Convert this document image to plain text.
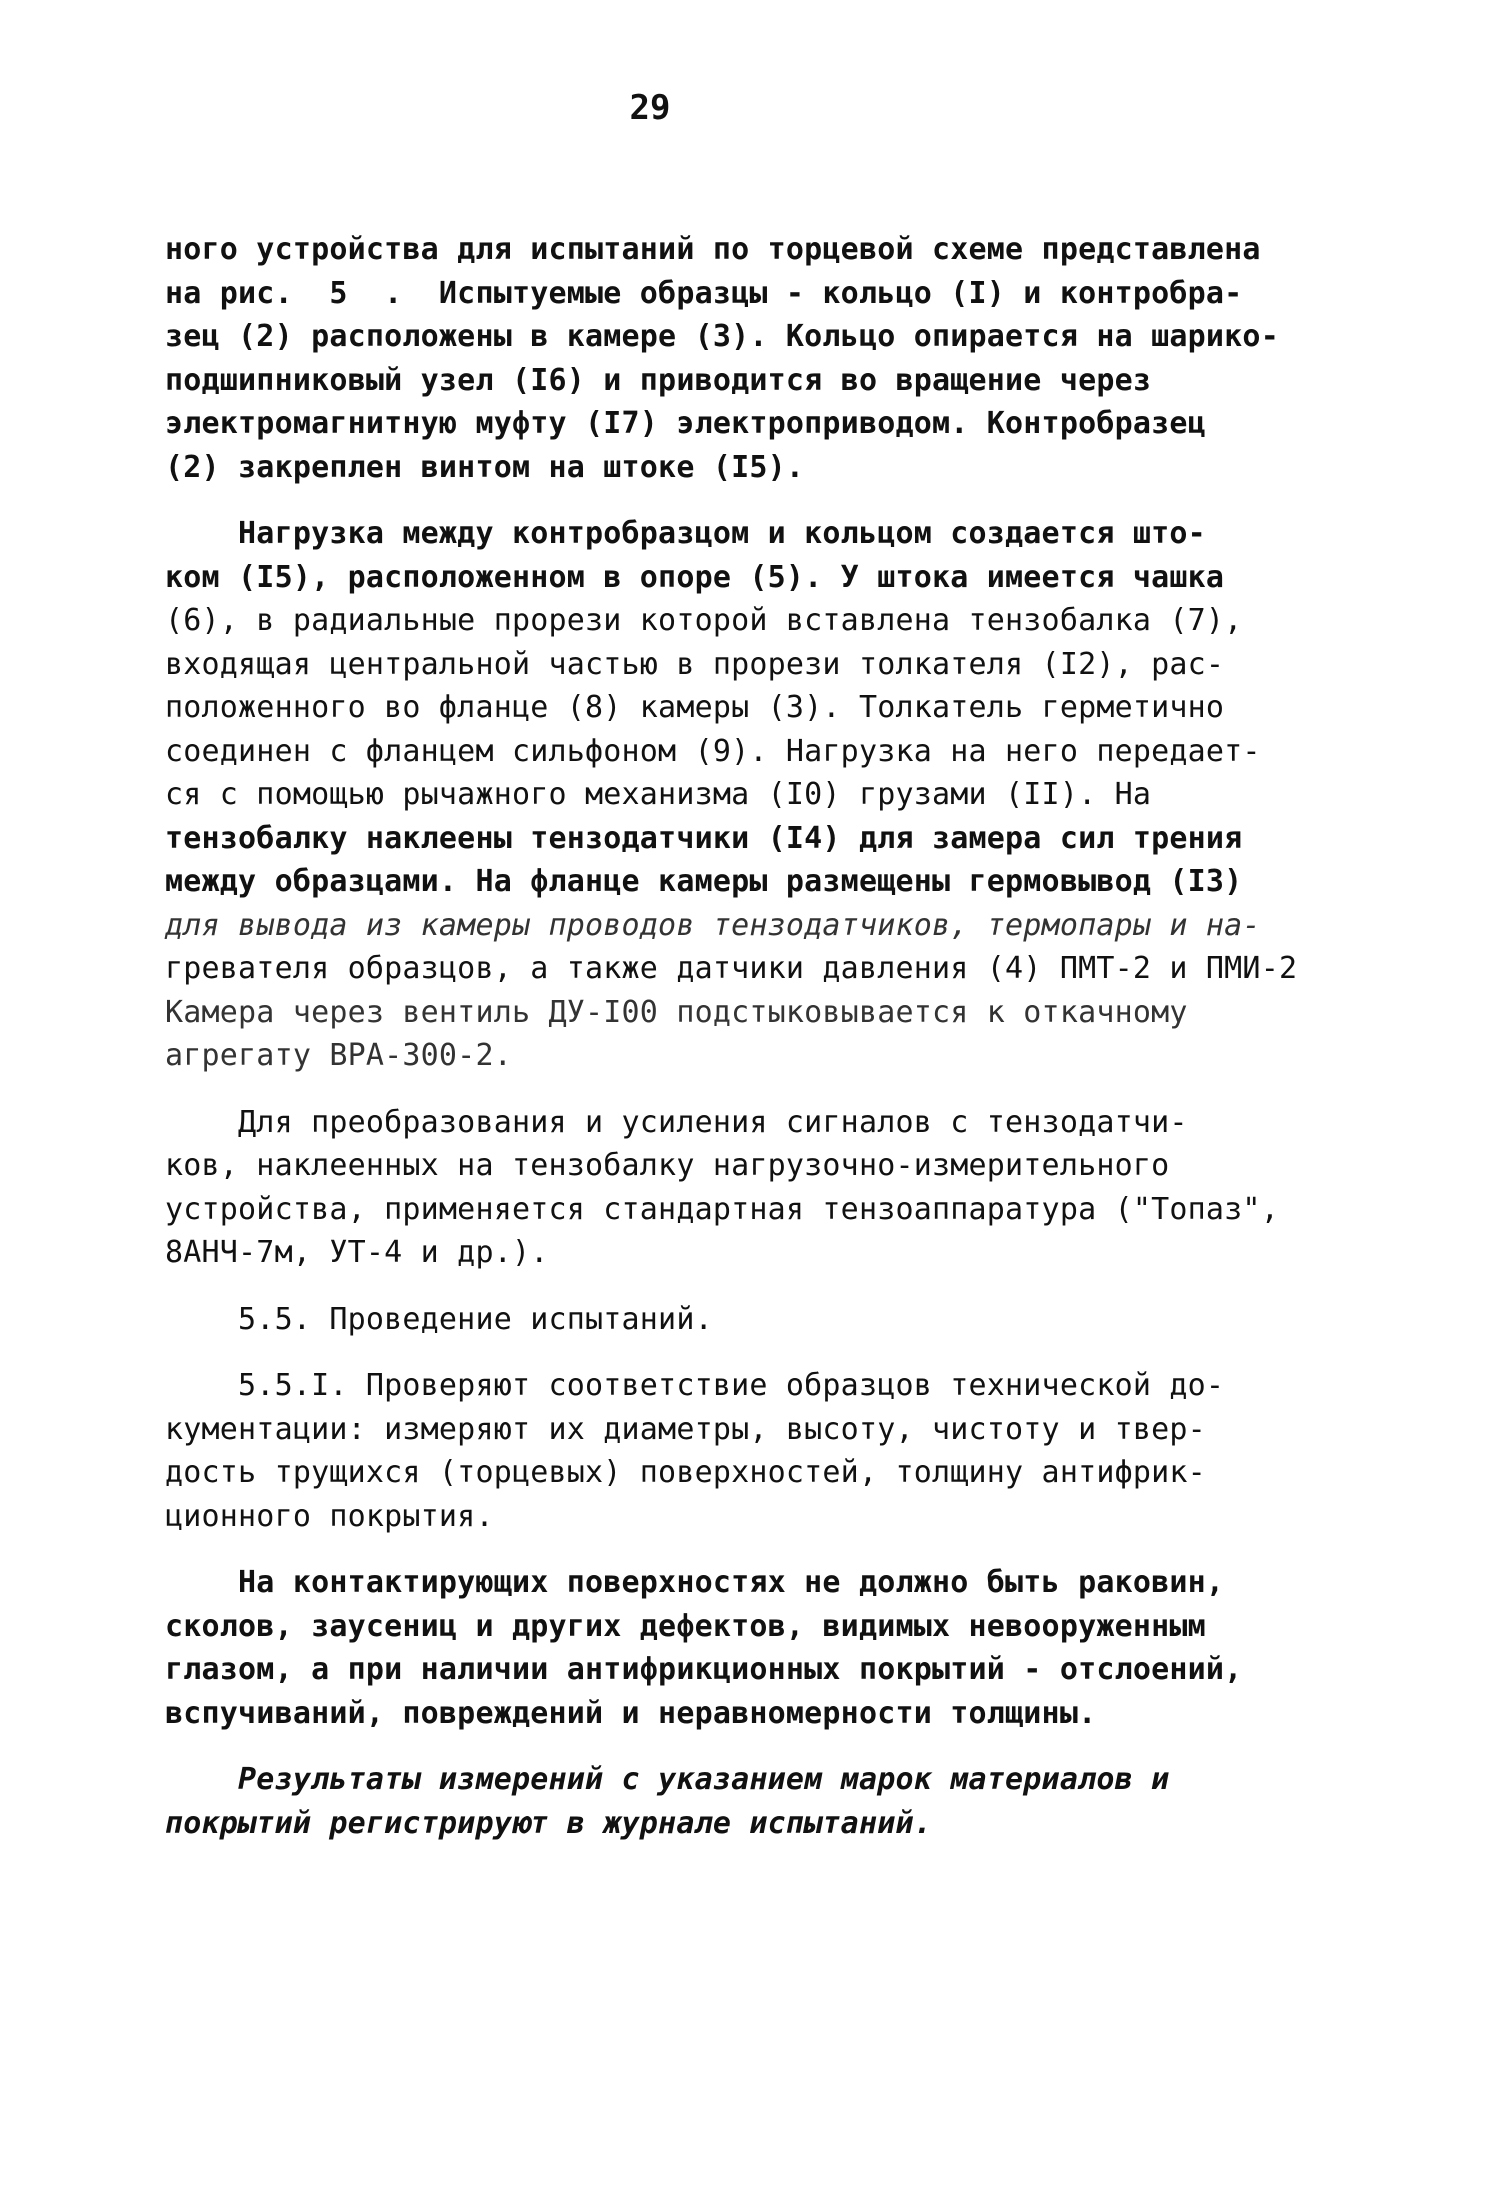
29
ного устройства для испытаний по торцевой схеме представлена
на рис.  5  .  Испытуемые образцы - кольцо (I) и контробра-
зец (2) расположены в камере (3). Кольцо опирается на шарико-
подшипниковый узел (I6) и приводится во вращение через
электромагнитную муфту (I7) электроприводом. Контробразец
(2) закреплен винтом на штоке (I5).
Нагрузка между контробразцом и кольцом создается што-
ком (I5), расположенном в опоре (5). У штока имеется чашка
(6), в радиальные прорези которой вставлена тензобалка (7),
входящая центральной частью в прорези толкателя (I2), рас-
положенного во фланце (8) камеры (3). Толкатель герметично
соединен с фланцем сильфоном (9). Нагрузка на него передает-
ся с помощью рычажного механизма (I0) грузами (II). На
тензобалку наклеены тензодатчики (I4) для замера сил трения
между образцами. На фланце камеры размещены гермовывод (I3)
для вывода из камеры проводов тензодатчиков, термопары и на-
гревателя образцов, а также датчики давления (4) ПМТ-2 и ПМИ-2
Камера через вентиль ДУ-I00 подстыковывается к откачному
агрегату ВРА-300-2.
Для преобразования и усиления сигналов с тензодатчи-
ков, наклеенных на тензобалку нагрузочно-измерительного
устройства, применяется стандартная тензоаппаратура ("Топаз",
8АНЧ-7м, УТ-4 и др.).
5.5. Проведение испытаний.
5.5.I. Проверяют соответствие образцов технической до-
кументации: измеряют их диаметры, высоту, чистоту и твер-
дость трущихся (торцевых) поверхностей, толщину антифрик-
ционного покрытия.
На контактирующих поверхностях не должно быть раковин,
сколов, заусениц и других дефектов, видимых невооруженным
глазом, а при наличии антифрикционных покрытий - отслоений,
вспучиваний, повреждений и неравномерности толщины.
Результаты измерений с указанием марок материалов и
покрытий регистрируют в журнале испытаний.
